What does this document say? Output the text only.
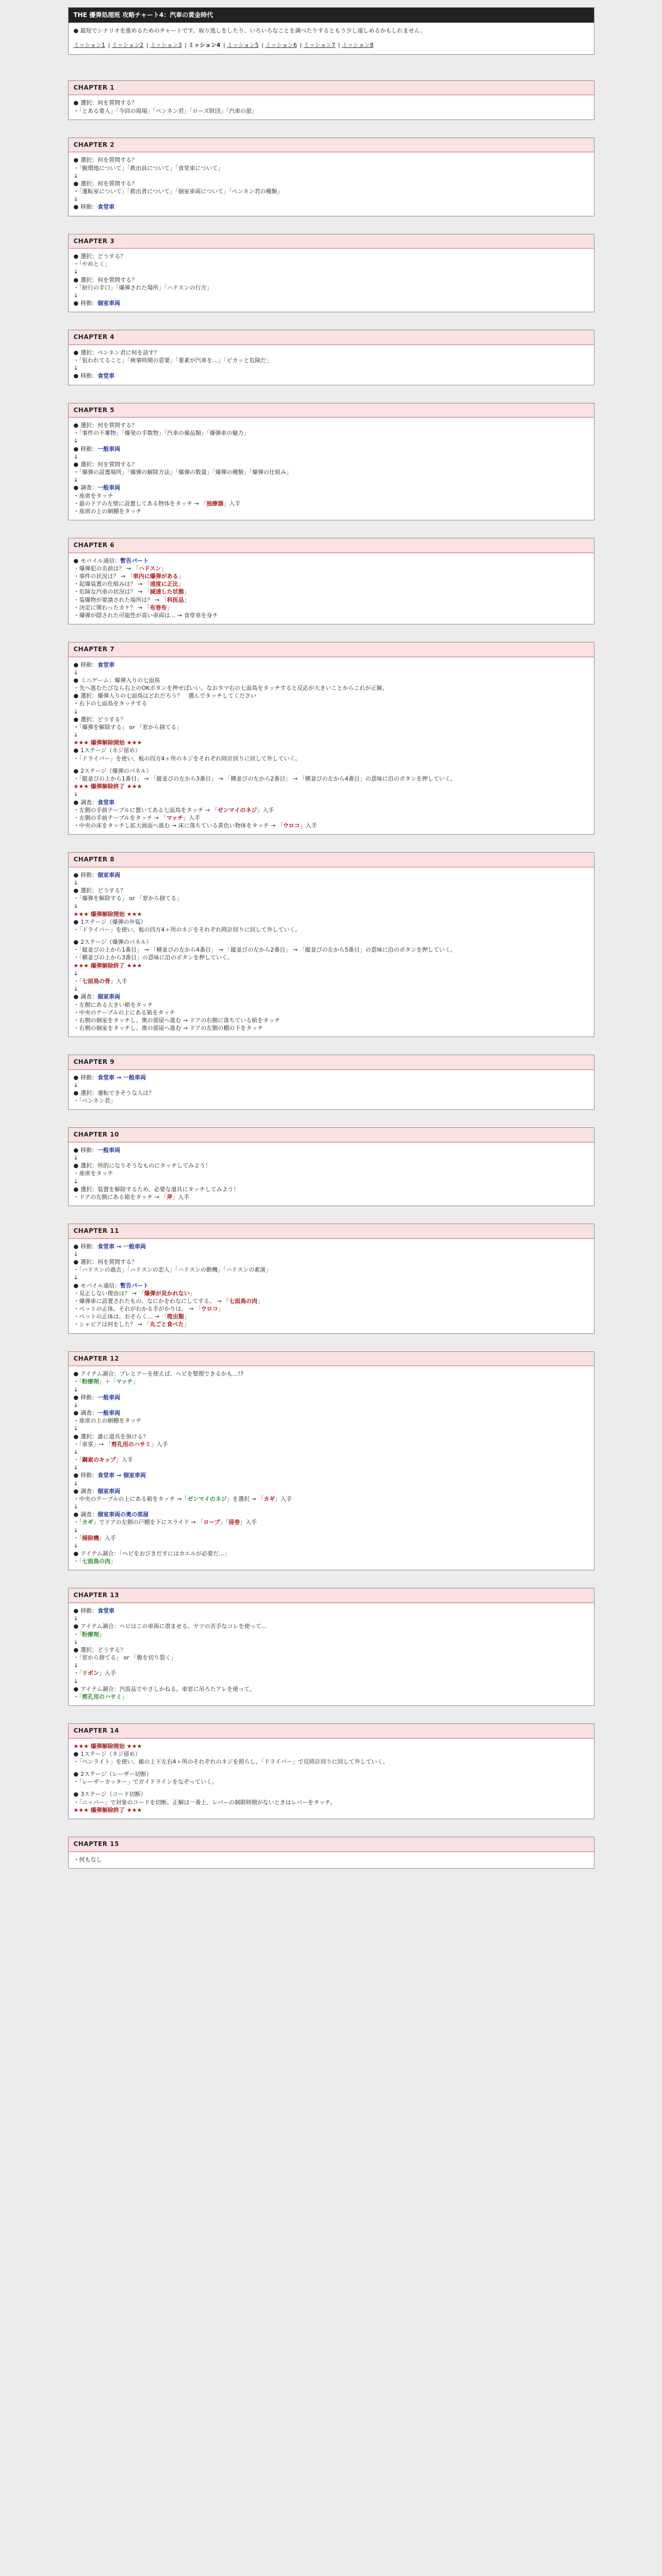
THE 優弾処理班 攻略チャート4：汽車の黄金時代
● 最短でシナリオを進めるためのチャートです。取り逃しをしたり、いろいろなことを調べたりするともう少し遠しめるかもしれません。
ミッション1 | ミッション2 | ミッション3 | ミッション4 | ミッション5 | ミッション6 | ミッション7 | ミッション8
CHAPTER 1
● 選択：何を質問する？
・ 「とある要人」「今回の現場」「ペンネン君」「ローズ財団」「汽車の旅」
CHAPTER 2
● 選択：何を質問する？
・ 「腕環地について」「救出員について」「食堂車について」
↓
● 選択：何を質問する？
・ 「運転室について」「救出者について」「個室車両について」「ペンネン君の種類」
↓
● 移動：食堂車
CHAPTER 3
● 選択：どうする？
・ 「やめとく」
↓
● 選択：何を質問する？
・ 「紛行の手口」「爆弾された場所」「ハドスンの行方」
↓
● 移動：個室車両
CHAPTER 4
● 選択：ペンネン君に何を話す？
・ 「狙われてること」「検事時間の意要」「要素が汽車を…」「ピカッと危険だ」
↓
● 移動：食堂車
CHAPTER 5
● 選択：何を質問する？
・ 「事件の不審物」「爆発の手数物」「汽車の備品類」「爆弾車の魅力」
↓
● 移動：一般車両
↓
● 選択：何を質問する？
・ 「爆弾の設置場所」「爆弾の解除方法」「爆弾の数量」「爆弾の種類」「爆弾の仕組み」
↓
● 調査：一般車両
・ 座席をタッチ
・ 最のドアの左壁に設置してある物体をタッチ → 「独療器」入手
・ 座席の上の網棚をタッチ
CHAPTER 6
● モバイル通信：暫告パート
・ 爆弾犯の名前は？ → 「ハドスン」
・ 事件の状況は？ → 「車内に爆弾がある」
・ 起爆装置の仕組みは？ → 「速度に正比」
・ 危険な汽車の状況は？ → 「減速した状態」
・ 装爆物が要請された場所は？ → 「科医品」
・ 決定に関わったカケ？ → 「布巻布」
・ 爆弾が隠された可能性が高い車両は… → 食堂車を身チ
CHAPTER 7
● 移動：食堂車
↓
● ミニゲーム：爆弾入りの七面鳥
・ 先へ進むたびなら右上のOKボタンを押せばいい。なおタマ右の七面鳥をタッチすると反応が大きいことからこれが正解。
● 選択：爆弾入りの七面鳥はどれだろう？　選んでタッチしてください
・ 右下の七面鳥をタッチする
↓
● 選択：どうする？
・ 「爆弾を解除する」 or 「窓から捨てる」
↓
★★★ 爆弾解除開始 ★★★
● 1ステージ（ネジ留め）
・ 「ドライバー」を使い、板の四方4ヶ所のネジをそれぞれ時計回りに回して外していく。
● 2ステージ（爆弾のパネル）
・ 「縦並びの上から1番目」 → 「縦並びの左から3番目」 → 「横並びの左から2番目」 → 「横並びの左から4番目」の意味に沿のボタンを押していく。
★★★ 爆弾解除終了 ★★★
↓
● 調査：食堂車
・ 左側の手前テーブルに置いてある七面鳥をタッチ → 「ゼンマイのネジ」入手
・ 左側の手前テーブルをタッチ → 「マッチ」入手
・ 中央の床をタッチし拡大画面へ進む → 床に落ちている黄色い物体をタッチ → 「ウロコ」入手
CHAPTER 8
● 移動：個室車両
↓
● 選択：どうする？
・ 「爆弾を解除する」 or 「窓から捨てる」
↓
★★★ 爆弾解除開始 ★★★
● 1ステージ（爆弾の外装）
・ 「ドライバー」を使い、板の四方4ヶ所のネジをそれぞれ時計回りに回して外していく。
● 2ステージ（爆弾のパネル）
・ 「縦並びの上から1番目」 → 「横並びの左から4番目」 → 「縦並びの左から2番目」 → 「縦並びの左から5番目」の意味に沿のボタンを押していく。
・ 「横並びの上から3番目」の意味に沿のボタンを押していく。
★★★ 爆弾解除終了 ★★★
↓
・ 「七面鳥の骨」入手
↓
● 調査：個室車両
・ 左側にある大きい箱をタッチ
・ 中央のテーブルの上にある箱をタッチ
・ 右側の個室をタッチし、奥の部屋へ進む → ドアの右側に落ちている紙をタッチ
・ 右側の個室をタッチし、奥の部屋へ進む → ドアの左側の棚の下をタッチ
CHAPTER 9
● 移動：食堂車 → 一般車両
↓
● 選択：運転できそうな人は？
・ 「ペンネン君」
CHAPTER 10
● 移動：一般車両
↓
● 選択：所的になりそうなものにタッチしてみよう！
・ 座席をタッチ
↓
● 選択：装置を解除するため、必要な道具にタッチしてみよう！
・ ドアの左側にある箱をタッチ → 「斧」入手
CHAPTER 11
● 移動：食堂車 → 一般車両
↓
● 選択：何を質問する？
・ 「ハドスンの過去」「ハドスンの恋人」「ハドスンの動機」「ハドスンの素演」
↓
● モバイル通信：暫告パート
・ 見正しない理由は？ → 「爆弾が見かれない」
・ 爆弾車に設置されたもの、なにかをわなにしてする。 → 「七面鳥の肉」
・ ペットの正体。それがわかる手がかりは。 → 「ウロコ」
・ ペットの正体は、おそらく… → 「爬虫類」
・ シャビアは何をした？ → 「丸ごと食べた」
CHAPTER 12
● アイテム調合：プレとアーを使えば、ヘビを整理できるかも…!?
・ 「粉療剤」＋「マッチ」
↓
● 移動：一般車両
↓
● 調査：一般車両
・ 座席の上の網棚をタッチ
↓
● 選択：誰に道具を預ける？
・ 「車掌」→ 「剪孔用のハサミ」入手
↓
・ 「鋼索のキップ」入手
↓
● 移動：食堂車 → 個室車両
↓
● 調査：個室車両
・ 中央のテーブルの上にある箱をタッチ →「ゼンマイのネジ」を選択 → 「カギ」入手
↓
● 調査：個室車両の奥の部屋
・ 「カギ」でドアの左側の戸棚を下にスライド → 「ロープ」「浸巻」入手
↓
・ 「掃除機」入手
↓
● アイテム調合：「ヘビをおびきだすにはカエルが必要だ…」
・ 「七面鳥の肉」
CHAPTER 13
● 移動：食堂車
↓
● アイテム調合：ヘビはこの車両に潜ませる。ヤツの苦手なコレを使って…
・ 「粉療剤」
↓
● 選択：どうする？
・ 「窓から捨てる」 or 「腹を切り裂く」
↓
・ 「リボン」入手
↓
● アイテム調合：汽笛品でやさしかねる。車窓に吊ろたアレを使って。
・ 「剪孔用のハサミ」
CHAPTER 14
★★★ 爆弾解除開始 ★★★
● 1ステージ（ネジ留め）
・ 「ペンライト」を使い、廊の上下左右4ヶ所のそれぞれのネジを照らし、「ドライバー」で反時計回りに回して外していく。
● 2ステージ（レーザー切断）
・ 「レーザーカッター」でガイドラインをなぞっていく。
● 3ステージ（コード切断）
・ 「ニッパー」で対象のコードを切断。正解は一番上、レバーの制限時間がないときはレバーをタッチ。
★★★ 爆弾解除終了 ★★★
CHAPTER 15
・ 何もなし
